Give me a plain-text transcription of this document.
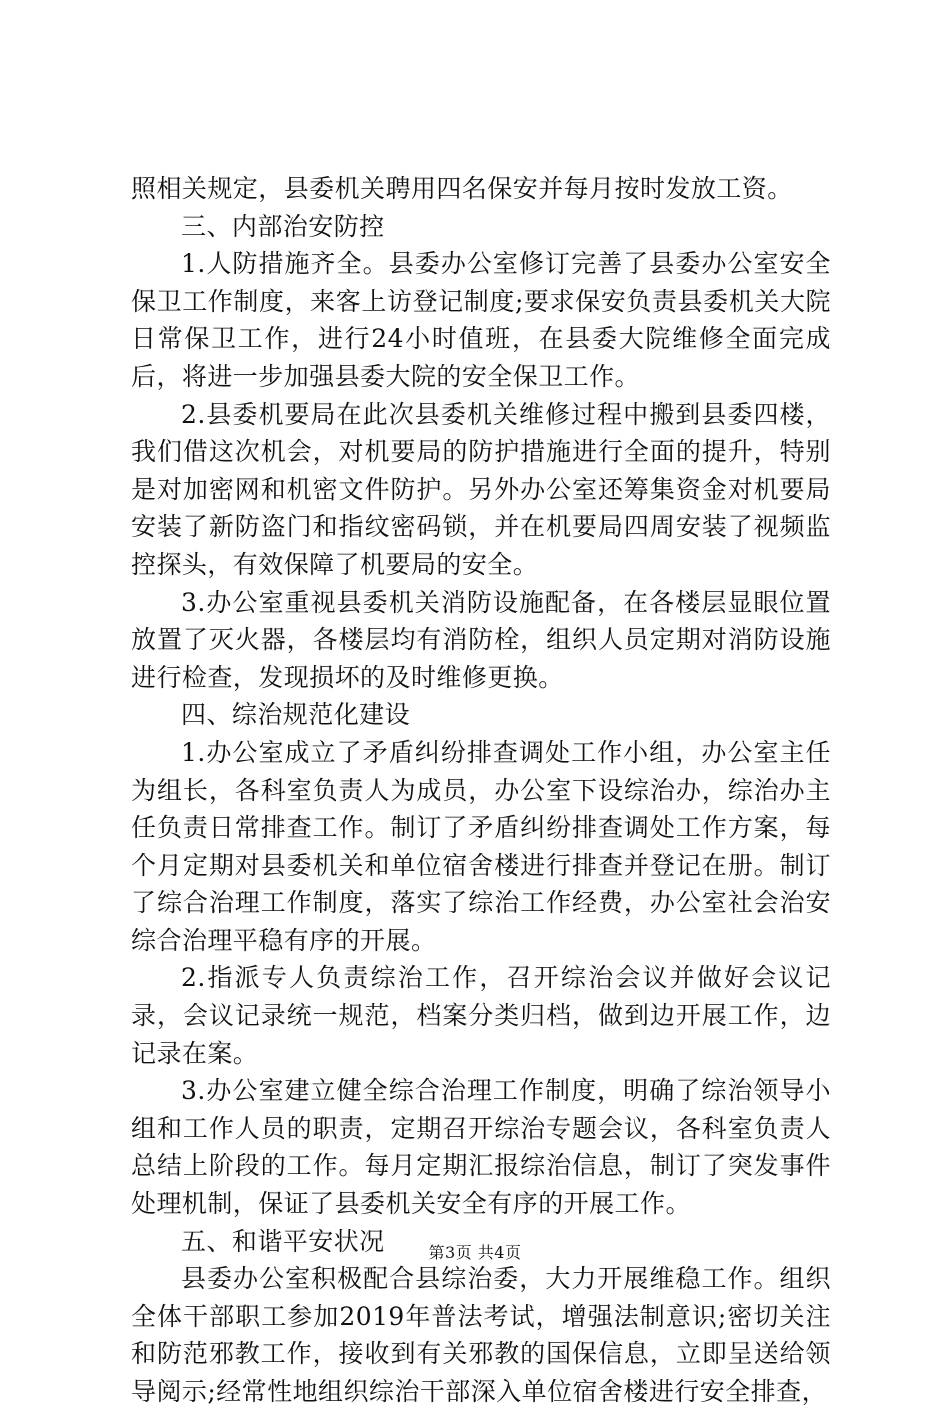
照相关规定，县委机关聘用四名保安并每月按时发放工资。

三、内部治安防控

1.人防措施齐全。县委办公室修订完善了县委办公室安全保卫工作制度，来客上访登记制度;要求保安负责县委机关大院日常保卫工作，进行24小时值班，在县委大院维修全面完成后，将进一步加强县委大院的安全保卫工作。

2.县委机要局在此次县委机关维修过程中搬到县委四楼，我们借这次机会，对机要局的防护措施进行全面的提升，特别是对加密网和机密文件防护。另外办公室还筹集资金对机要局安装了新防盗门和指纹密码锁，并在机要局四周安装了视频监控探头，有效保障了机要局的安全。

3.办公室重视县委机关消防设施配备，在各楼层显眼位置放置了灭火器，各楼层均有消防栓，组织人员定期对消防设施进行检查，发现损坏的及时维修更换。

四、综治规范化建设

1.办公室成立了矛盾纠纷排查调处工作小组，办公室主任为组长，各科室负责人为成员，办公室下设综治办，综治办主任负责日常排查工作。制订了矛盾纠纷排查调处工作方案，每个月定期对县委机关和单位宿舍楼进行排查并登记在册。制订了综合治理工作制度，落实了综治工作经费，办公室社会治安综合治理平稳有序的开展。

2.指派专人负责综治工作，召开综治会议并做好会议记录，会议记录统一规范，档案分类归档，做到边开展工作，边记录在案。

3.办公室建立健全综合治理工作制度，明确了综治领导小组和工作人员的职责，定期召开综治专题会议，各科室负责人总结上阶段的工作。每月定期汇报综治信息，制订了突发事件处理机制，保证了县委机关安全有序的开展工作。

五、和谐平安状况

县委办公室积极配合县综治委，大力开展维稳工作。组织全体干部职工参加2019年普法考试，增强法制意识;密切关注和防范邪教工作，接收到有关邪教的国保信息，立即呈送给领导阅示;经常性地组织综治干部深入单位宿舍楼进行安全排查，

第3页 共4页
